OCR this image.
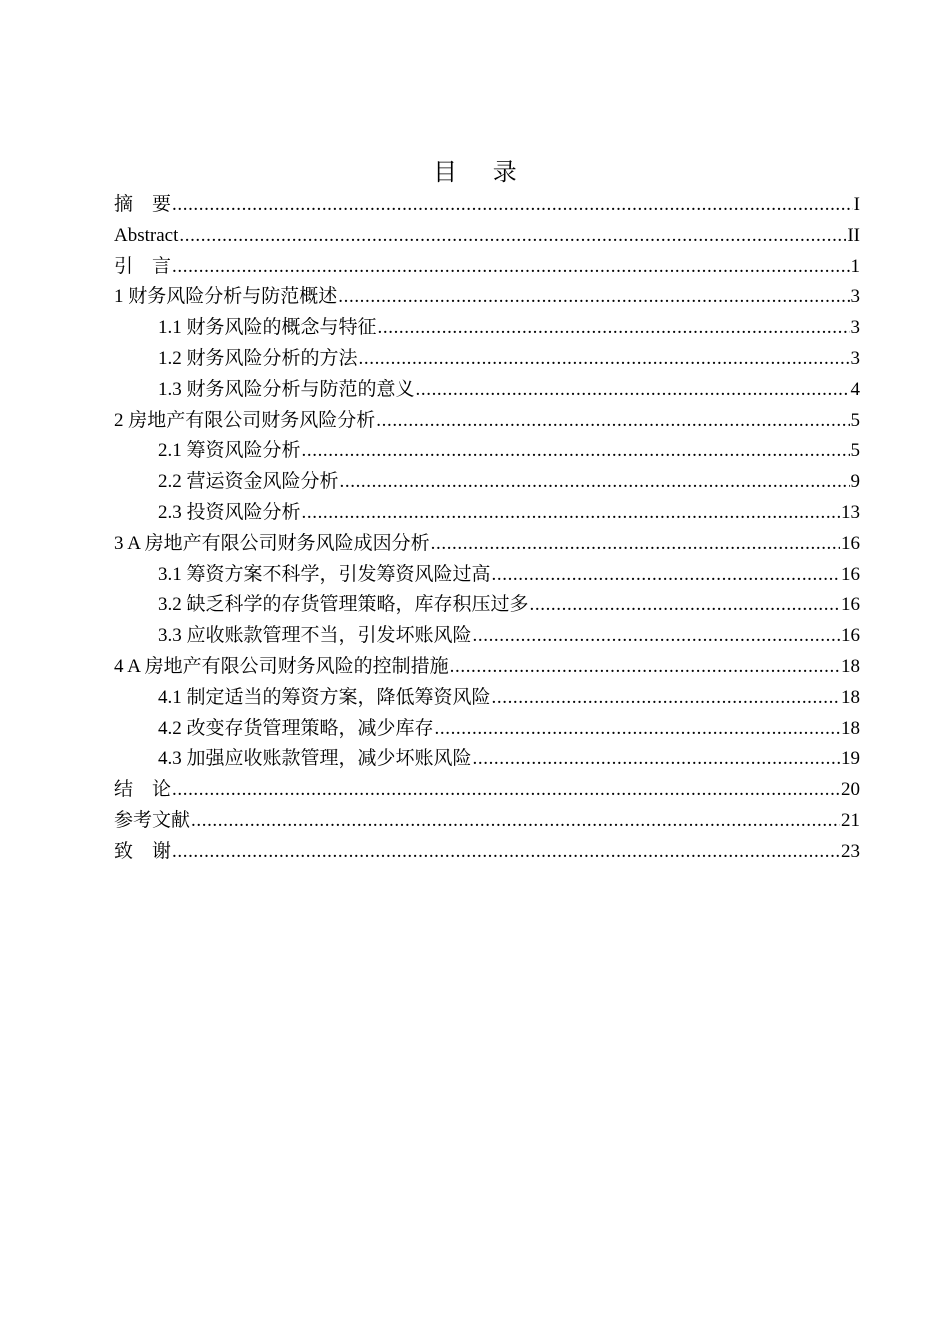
目 录
摘　要 .....	I
Abstract .....	II
引　言 .....	1
1 财务风险分析与防范概述 .....	3
1.1 财务风险的概念与特征 .....	3
1.2 财务风险分析的方法 .....	3
1.3 财务风险分析与防范的意义 .....	4
2 房地产有限公司财务风险分析 .....	5
2.1 筹资风险分析 .....	5
2.2 营运资金风险分析 .....	9
2.3 投资风险分析 .....	13
3 A 房地产有限公司财务风险成因分析 .....	16
3.1 筹资方案不科学，引发筹资风险过高 .....	16
3.2 缺乏科学的存货管理策略，库存积压过多 .....	16
3.3 应收账款管理不当，引发坏账风险 .....	16
4 A 房地产有限公司财务风险的控制措施 .....	18
4.1 制定适当的筹资方案，降低筹资风险 .....	18
4.2 改变存货管理策略，减少库存 .....	18
4.3 加强应收账款管理，减少坏账风险 .....	19
结　论 .....	20
参考文献 .....	21
致　谢 .....	23
